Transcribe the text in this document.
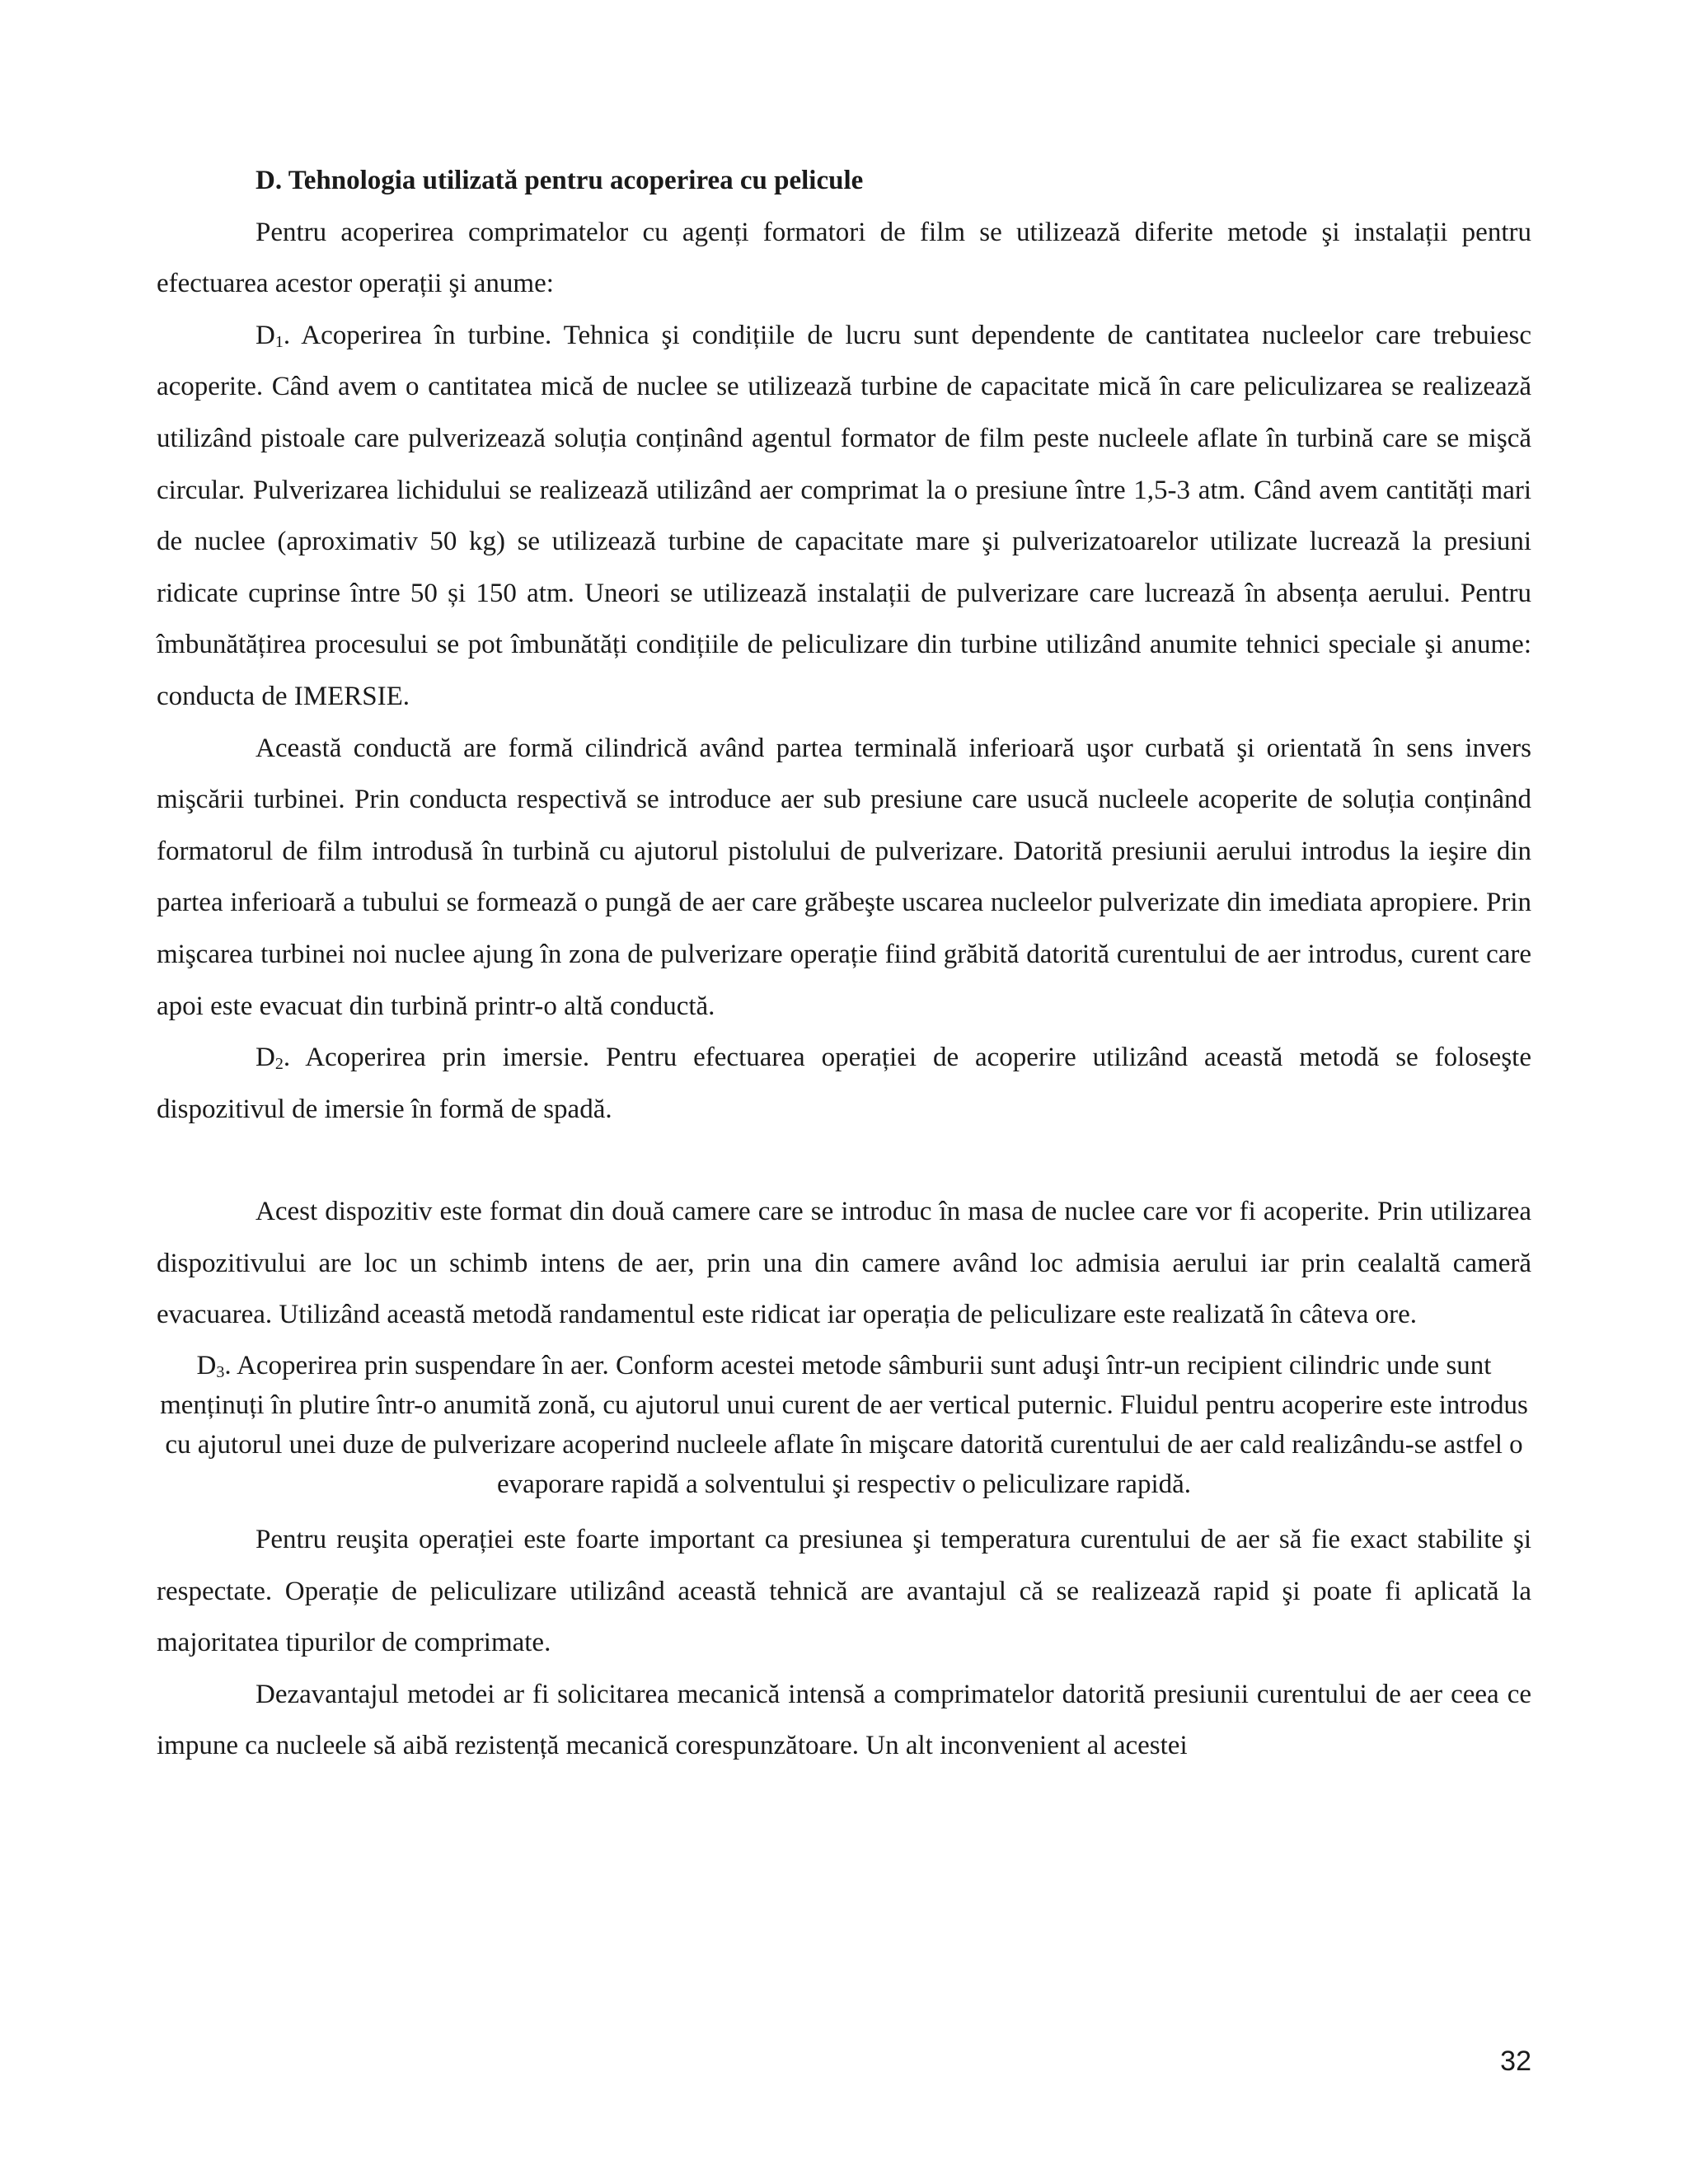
D. Tehnologia utilizată pentru acoperirea cu pelicule

Pentru acoperirea comprimatelor cu agenți formatori de film se utilizează diferite metode şi instalații pentru efectuarea acestor operații şi anume:

$D_1$. Acoperirea în turbine. Tehnica şi condițiile de lucru sunt dependente de cantitatea nucleelor care trebuiesc acoperite. Când avem o cantitatea mică de nuclee se utilizează turbine de capacitate mică în care peliculizarea se realizează utilizând pistoale care pulverizează soluția conținând agentul formator de film peste nucleele aflate în turbină care se mişcă circular. Pulverizarea lichidului se realizează utilizând aer comprimat la o presiune între 1,5-3 atm. Când avem cantități mari de nuclee (aproximativ 50 kg) se utilizează turbine de capacitate mare şi pulverizatoarelor utilizate lucrează la presiuni ridicate cuprinse între 50 și 150 atm. Uneori se utilizează instalații de pulverizare care lucrează în absența aerului. Pentru îmbunătățirea procesului se pot îmbunătăți condițiile de peliculizare din turbine utilizând anumite tehnici speciale şi anume: conducta de IMERSIE.

Această conductă are formă cilindrică având partea terminală inferioară uşor curbată şi orientată în sens invers mişcării turbinei. Prin conducta respectivă se introduce aer sub presiune care usucă nucleele acoperite de soluția conținând formatorul de film introdusă în turbină cu ajutorul pistolului de pulverizare. Datorită presiunii aerului introdus la ieşire din partea inferioară a tubului se formează o pungă de aer care grăbeşte uscarea nucleelor pulverizate din imediata apropiere. Prin mişcarea turbinei noi nuclee ajung în zona de pulverizare operație fiind grăbită datorită curentului de aer introdus, curent care apoi este evacuat din turbină printr-o altă conductă.

$D_2$. Acoperirea prin imersie. Pentru efectuarea operației de acoperire utilizând această metodă se foloseşte dispozitivul de imersie în formă de spadă.

Acest dispozitiv este format din două camere care se introduc în masa de nuclee care vor fi acoperite. Prin utilizarea dispozitivului are loc un schimb intens de aer, prin una din camere având loc admisia aerului iar prin cealaltă cameră evacuarea. Utilizând această metodă randamentul este ridicat iar operația de peliculizare este realizată în câteva ore.

$D_3$. Acoperirea prin suspendare în aer. Conform acestei metode sâmburii sunt aduşi într-un recipient cilindric unde sunt menținuți în plutire într-o anumită zonă, cu ajutorul unui curent de aer vertical puternic. Fluidul pentru acoperire este introdus cu ajutorul unei duze de pulverizare acoperind nucleele aflate în mişcare datorită curentului de aer cald realizându-se astfel o evaporare rapidă a solventului şi respectiv o peliculizare rapidă.

Pentru reuşita operației este foarte important ca presiunea şi temperatura curentului de aer să fie exact stabilite şi respectate. Operație de peliculizare utilizând această tehnică are avantajul că se realizează rapid şi poate fi aplicată la majoritatea tipurilor de comprimate.

Dezavantajul metodei ar fi solicitarea mecanică intensă a comprimatelor datorită presiunii curentului de aer ceea ce impune ca nucleele să aibă rezistență mecanică corespunzătoare. Un alt inconvenient al acestei

32
